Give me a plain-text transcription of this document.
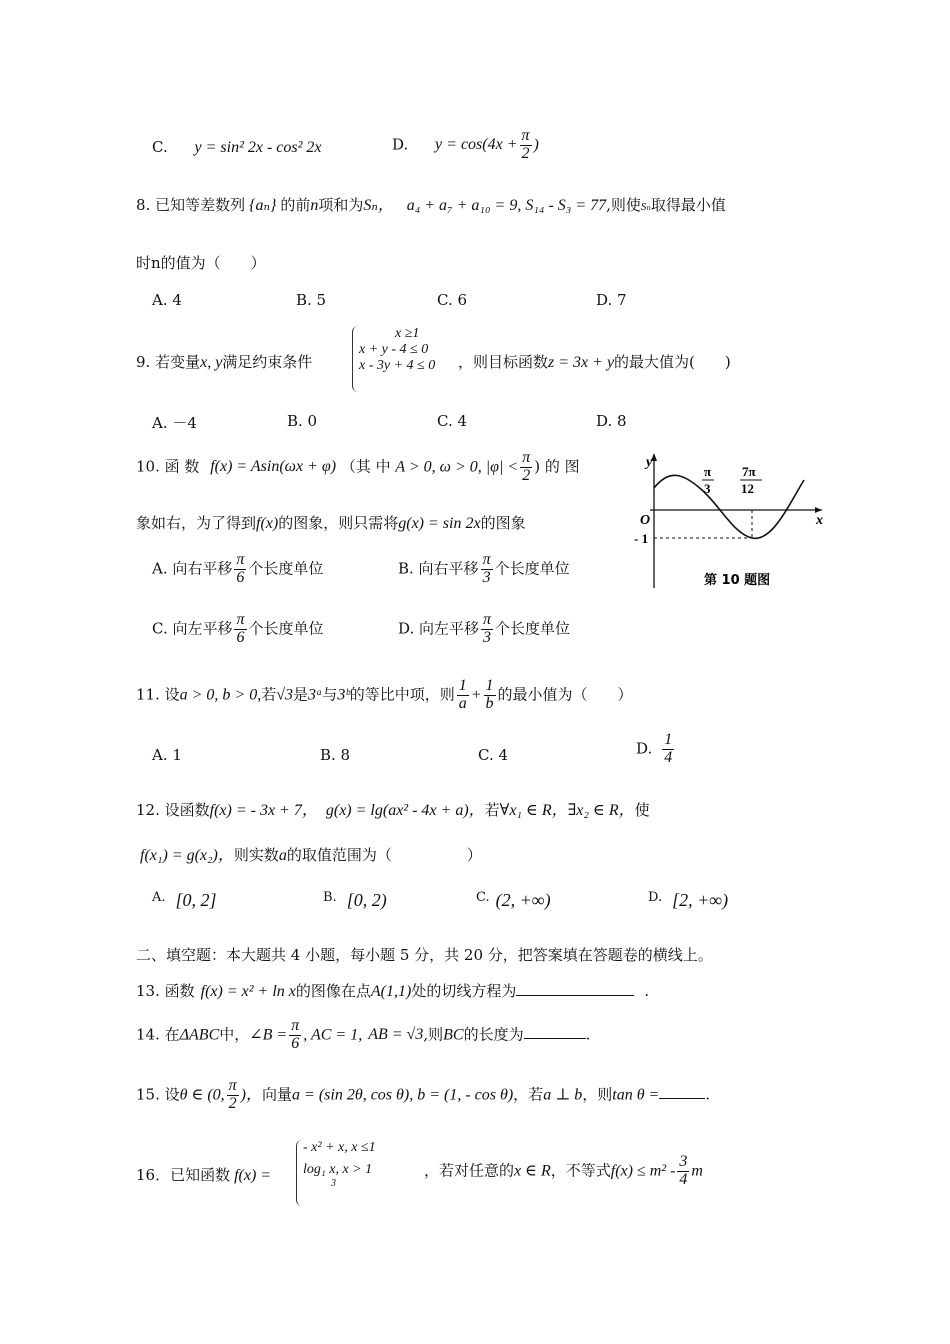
C. y = sin² 2x - cos² 2x	D. $y = \cos(4x + \frac{\pi}{2}$ )
8. 已知等差数列 {aₙ} 的前n项和为Sₙ， a₄ + a₇ + a₁₀ = 9, S₁₄ - S₃ = 77,则使Sₙ取得最小值
时n的值为（　　）
A. 4	B. 5	C. 6	D. 7
9. 若变量x, y满足约束条件
x ≥1
x + y - 4 ≤ 0
x - 3y + 4 ≤ 0 ，则目标函数z = 3x + y的最大值为(　　)
A. －4	B. 0	C. 4	D. 8
10. 函 数 f(x) = Asin(ωx + φ) （其 中 A > 0, ω > 0, $|\varphi| < \frac{\pi}{2}$ ) 的 图
象如右，为了得到f(x)的图象，则只需将g(x) = sin 2x的图象
A. 向右平移 $\frac{\pi}{6}$ 个长度单位	B. 向右平移 $\frac{\pi}{3}$ 个长度单位
C. 向左平移 $\frac{\pi}{6}$ 个长度单位	D. 向左平移 $\frac{\pi}{3}$ 个长度单位
y
x
O
- 1
π
3
7π
12
第 10 题图
11. 设a > 0, b > 0,若√3是3ᵃ与3ᵇ的等比中项，则 $\frac{1}{a} + \frac{1}{b}$ 的最小值为（　　）
A. 1	B. 8	C. 4	D. $\frac{1}{4}$
12. 设函数f(x) = - 3x + 7， g(x) = lg(ax² - 4x + a)，若∀x₁ ∈ R，∃x₂ ∈ R，使
f(x₁) = g(x₂)，则实数a的取值范围为（　　　　　）
A. [0, 2]	B. [0, 2)	C. (2, +∞)	D. [2, +∞)
二、填空题：本大题共 4 小题，每小题 5 分，共 20 分，把答案填在答题卷的横线上。
13. 函数 f(x) = x² + ln x的图像在点A(1,1)处的切线方程为	.
14. 在ΔABC中，∠B = $\frac{\pi}{6}$ , AC = 1, AB = √3,则BC的长度为	.
15. 设θ ∈ (0, $\frac{\pi}{2}$ )，向量a = (sin 2θ, cos θ), b = (1, - cos θ)，若a ⊥ b，则tan θ =	.
16．已知函数 f(x) =
- x² + x, x ≤1
log₁ x, x > 1
3
，若对任意的x ∈ R，不等式$f(x) \le m^2 - \frac{3}{4}$ m
